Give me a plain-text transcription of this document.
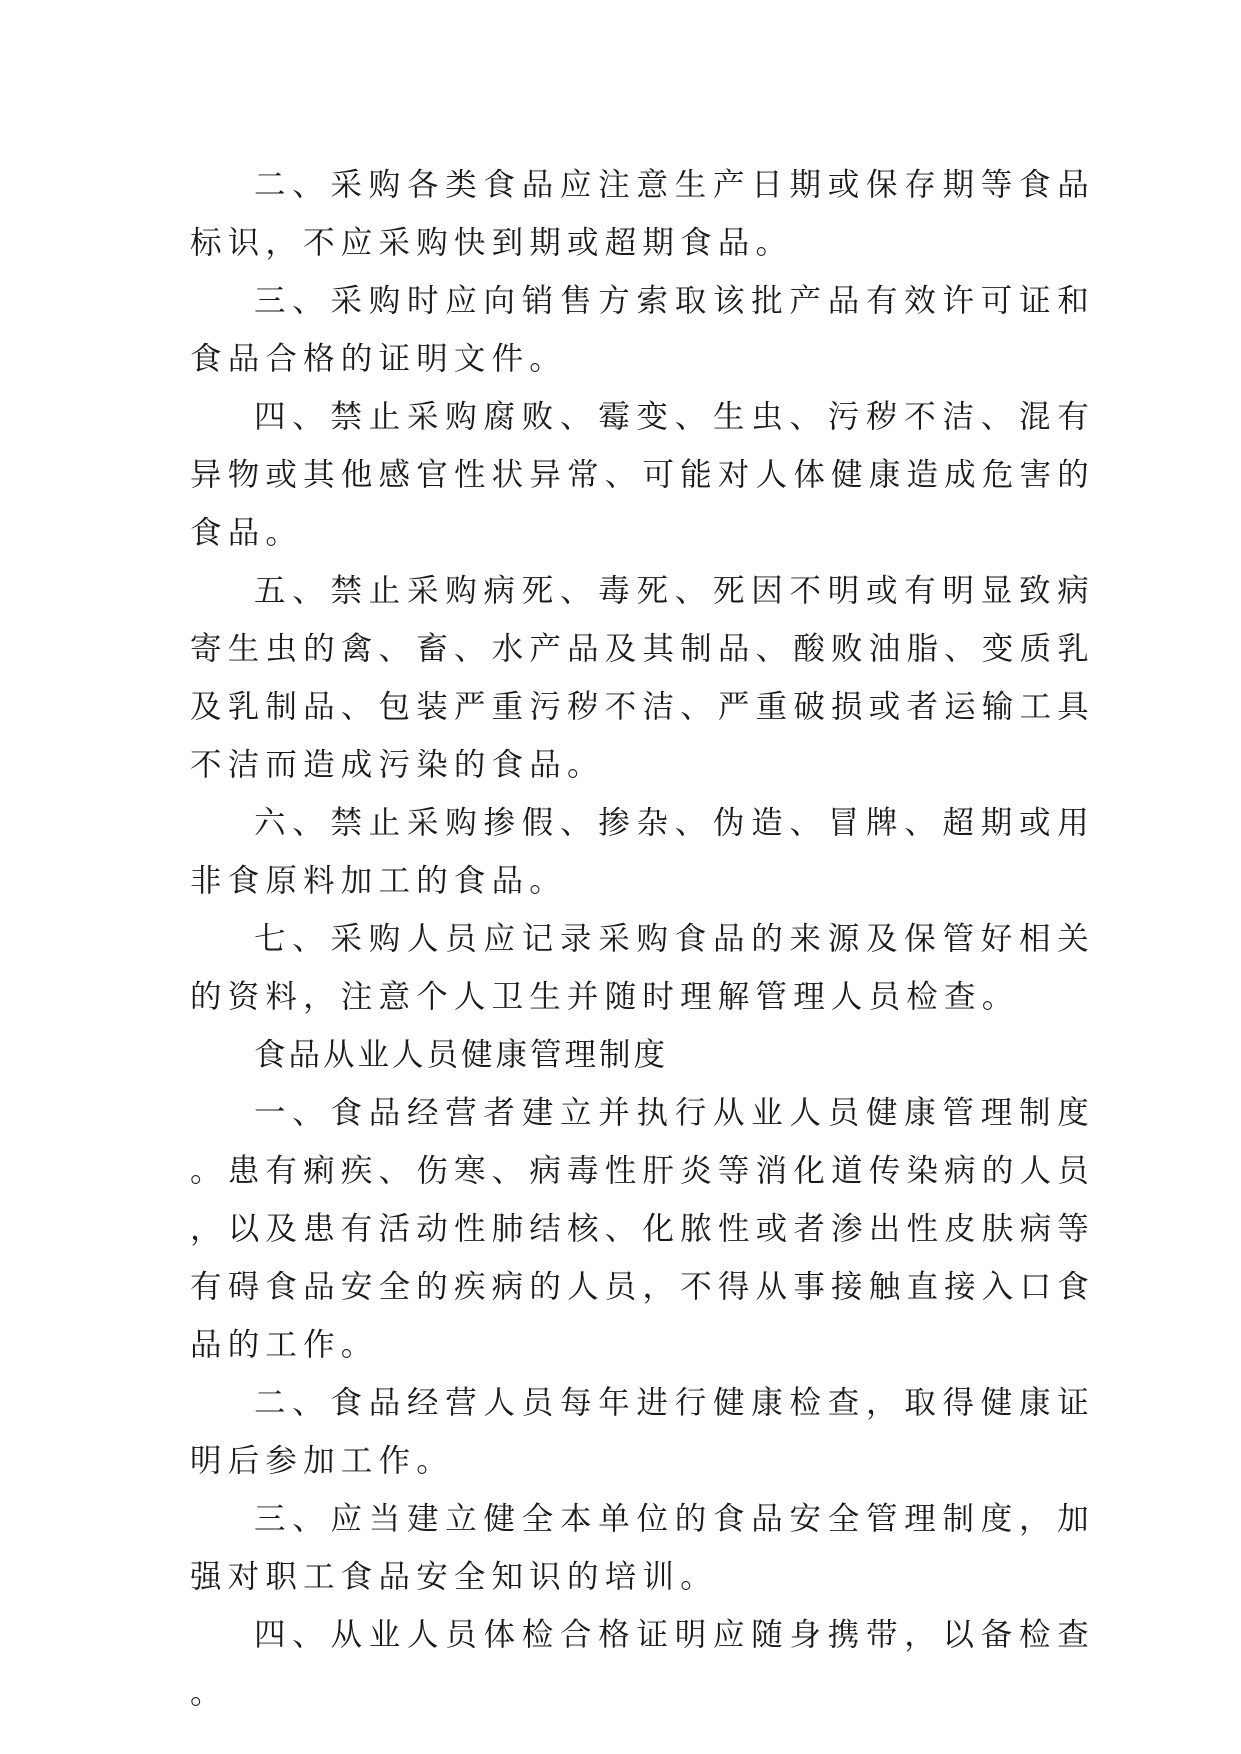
二、采购各类食品应注意生产日期或保存期等食品标识，不应采购快到期或超期食品。

三、采购时应向销售方索取该批产品有效许可证和食品合格的证明文件。

四、禁止采购腐败、霉变、生虫、污秽不洁、混有异物或其他感官性状异常、可能对人体健康造成危害的食品。

五、禁止采购病死、毒死、死因不明或有明显致病寄生虫的禽、畜、水产品及其制品、酸败油脂、变质乳及乳制品、包装严重污秽不洁、严重破损或者运输工具不洁而造成污染的食品。

六、禁止采购掺假、掺杂、伪造、冒牌、超期或用非食原料加工的食品。

七、采购人员应记录采购食品的来源及保管好相关的资料，注意个人卫生并随时理解管理人员检查。

食品从业人员健康管理制度

一、食品经营者建立并执行从业人员健康管理制度。患有痢疾、伤寒、病毒性肝炎等消化道传染病的人员，以及患有活动性肺结核、化脓性或者渗出性皮肤病等有碍食品安全的疾病的人员，不得从事接触直接入口食品的工作。

二、食品经营人员每年进行健康检查，取得健康证明后参加工作。

三、应当建立健全本单位的食品安全管理制度，加强对职工食品安全知识的培训。

四、从业人员体检合格证明应随身携带，以备检查。
